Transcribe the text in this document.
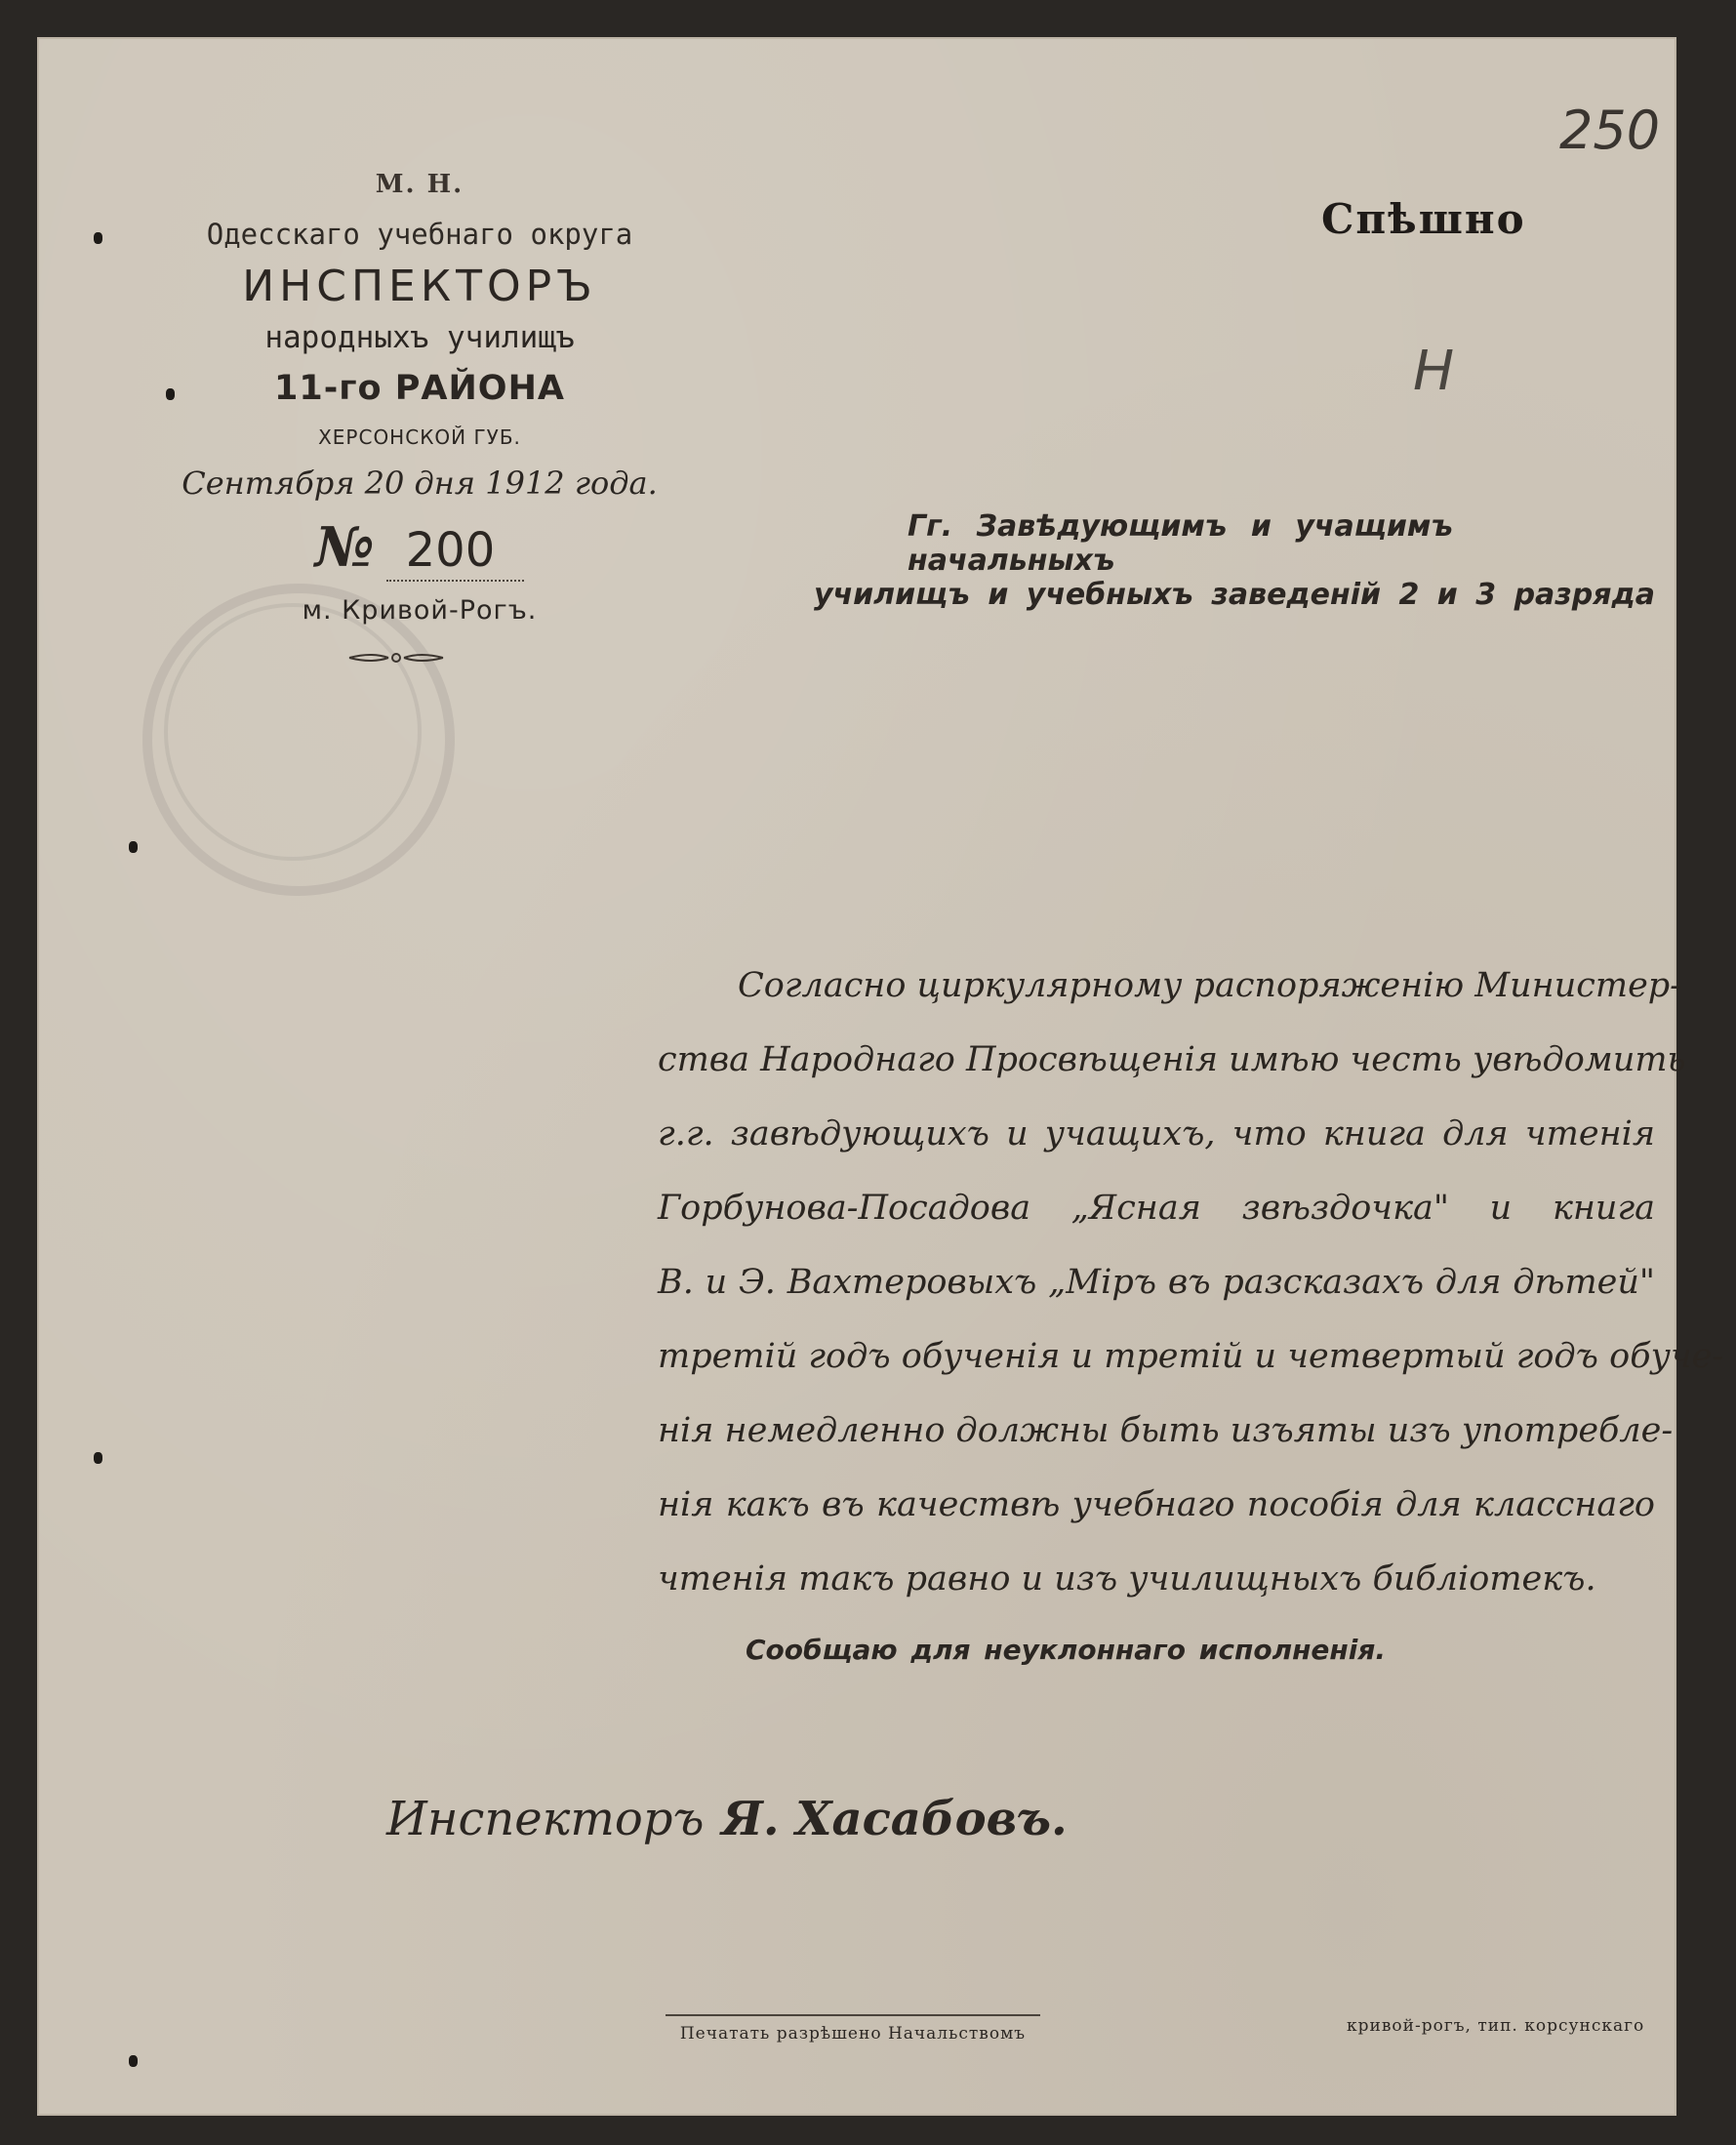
250
Спѣшно
Н
М. Н.
Одесскаго учебнаго округа
ИНСПЕКТОРЪ
народныхъ училищъ
11-го РАЙОНА
ХЕРСОНСКОЙ ГУБ.
Сентября 20 дня 1912 года.
№ 200
м. Кривой-Рогъ.
Гг. Завѣдующимъ и учащимъ начальныхъ
училищъ и учебныхъ заведеній 2 и 3 разряда
Согласно циркулярному распоряженію Министер-
ства Народнаго Просвѣщенія имѣю честь увѣдомить
г.г. завѣдующихъ и учащихъ, что книга для чтенія
Горбунова-Посадова „Ясная звѣздочка" и книга
В. и Э. Вахтеровыхъ „Міръ въ разсказахъ для дѣтей"
третій годъ обученія и третій и четвертый годъ обуче-
нія немедленно должны быть изъяты изъ употребле-
нія какъ въ качествѣ учебнаго пособія для класснаго
чтенія такъ равно и изъ училищныхъ библіотекъ.
Сообщаю для неуклоннаго исполненія.
Инспекторъ Я. Хасабовъ.
Печатать разрѣшено Начальствомъ	кривой-рогъ, тип. корсунскаго
